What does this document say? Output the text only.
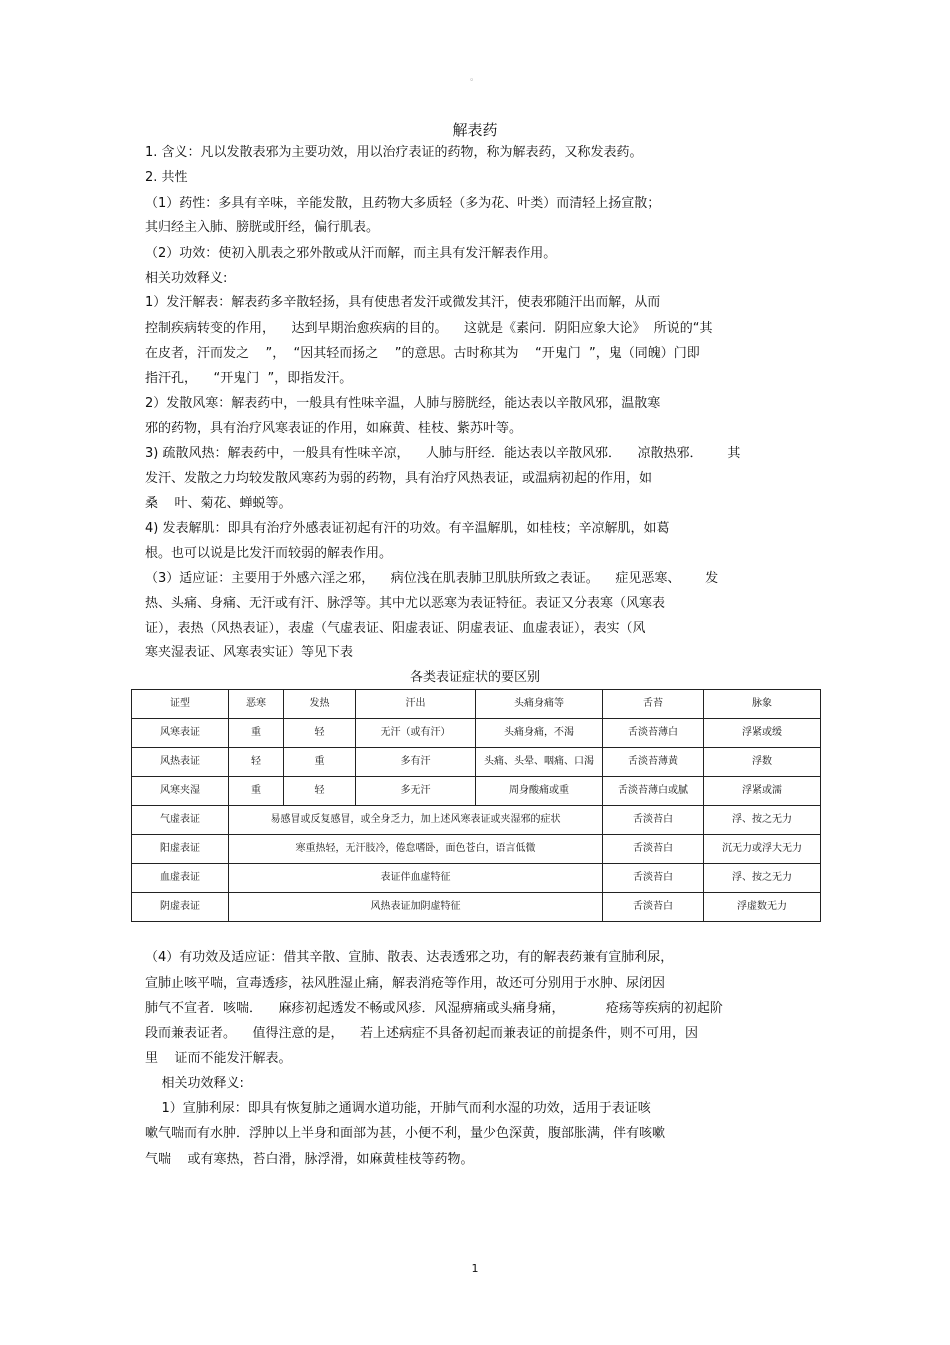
。
解表药
1. 含义：凡以发散表邪为主要功效，用以治疗表证的药物，称为解表药，又称发表药。
2. 共性
（1）药性：多具有辛味，辛能发散，且药物大多质轻（多为花、叶类）而清轻上扬宣散；
其归经主入肺、膀胱或肝经，偏行肌表。
（2）功效：使初入肌表之邪外散或从汗而解，而主具有发汗解表作用。
相关功效释义:
1）发汗解表：解表药多辛散轻扬，具有使患者发汗或微发其汗，使表邪随汗出而解，从而
控制疾病转变的作用，    达到早期治愈疾病的目的。    这就是《素问.  阴阳应象大论》  所说的“其
在皮者，汗而发之    ”，  “因其轻而扬之    ”的意思。古时称其为    “开鬼门  ”，鬼（同魄）门即
指汗孔，    “开鬼门  ”，即指发汗。
2）发散风寒：解表药中，一般具有性味辛温，人肺与膀胱经，能达表以辛散风邪，温散寒
邪的药物，具有治疗风寒表证的作用，如麻黄、桂枝、紫苏叶等。
3) 疏散风热：解表药中，一般具有性味辛凉，    人肺与肝经．能达表以辛散风邪．    凉散热邪．      其
发汗、发散之力均较发散风寒药为弱的药物，具有治疗风热表证，或温病初起的作用，如
桑    叶、菊花、蝉蜕等。
4) 发表解肌：即具有治疗外感表证初起有汗的功效。有辛温解肌，如桂枝；辛凉解肌，如葛
根。也可以说是比发汗而较弱的解表作用。
（3）适应证：主要用于外感六淫之邪，    病位浅在肌表肺卫肌肤所致之表证。    症见恶寒、      发
热、头痛、身痛、无汗或有汗、脉浮等。其中尤以恶寒为表证特征。表证又分表寒（风寒表
证），表热（风热表证），表虚（气虚表证、阳虚表证、阴虚表证、血虚表证），表实（风
寒夹湿表证、风寒表实证）等见下表
各类表证症状的要区别
证型	恶寒	发热	汗出	头痛身痛等	舌苔	脉象
风寒表证	重	轻	无汗（或有汗）	头痛身痛，不渴	舌淡苔薄白	浮紧或缓
风热表证	轻	重	多有汗	头痛、头晕、咽痛、口渴	舌淡苔薄黄	浮数
风寒夹湿	重	轻	多无汗	周身酸痛或重	舌淡苔薄白或腻	浮紧或濡
气虚表证	易感冒或反复感冒，或全身乏力，加上述风寒表证或夹湿邪的症状				舌淡苔白	浮、按之无力
阳虚表证	寒重热轻，无汗肢冷，倦怠嗜卧，面色苍白，语言低微				舌淡苔白	沉无力或浮大无力
血虚表证	表证伴血虚特征				舌淡苔白	浮、按之无力
阴虚表证	风热表证加阴虚特征				舌淡苔白	浮虚数无力
（4）有功效及适应证：借其辛散、宣肺、散表、达表透邪之功，有的解表药兼有宣肺利尿，
宣肺止咳平喘，宣毒透疹，祛风胜湿止痛，解表消疮等作用，故还可分别用于水肿、尿闭因
肺气不宣者．咳喘．    麻疹初起透发不畅或风疹．风湿痹痛或头痛身痛，          疮疡等疾病的初起阶
段而兼表证者。    值得注意的是，    若上述病症不具备初起而兼表证的前提条件，则不可用，因
里    证而不能发汗解表。
相关功效释义:
1）宣肺利尿：即具有恢复肺之通调水道功能，开肺气而利水湿的功效，适用于表证咳
嗽气喘而有水肿．浮肿以上半身和面部为甚，小便不利，量少色深黄，腹部胀满，伴有咳嗽
气喘    或有寒热，苔白滑，脉浮滑，如麻黄桂枝等药物。
1
